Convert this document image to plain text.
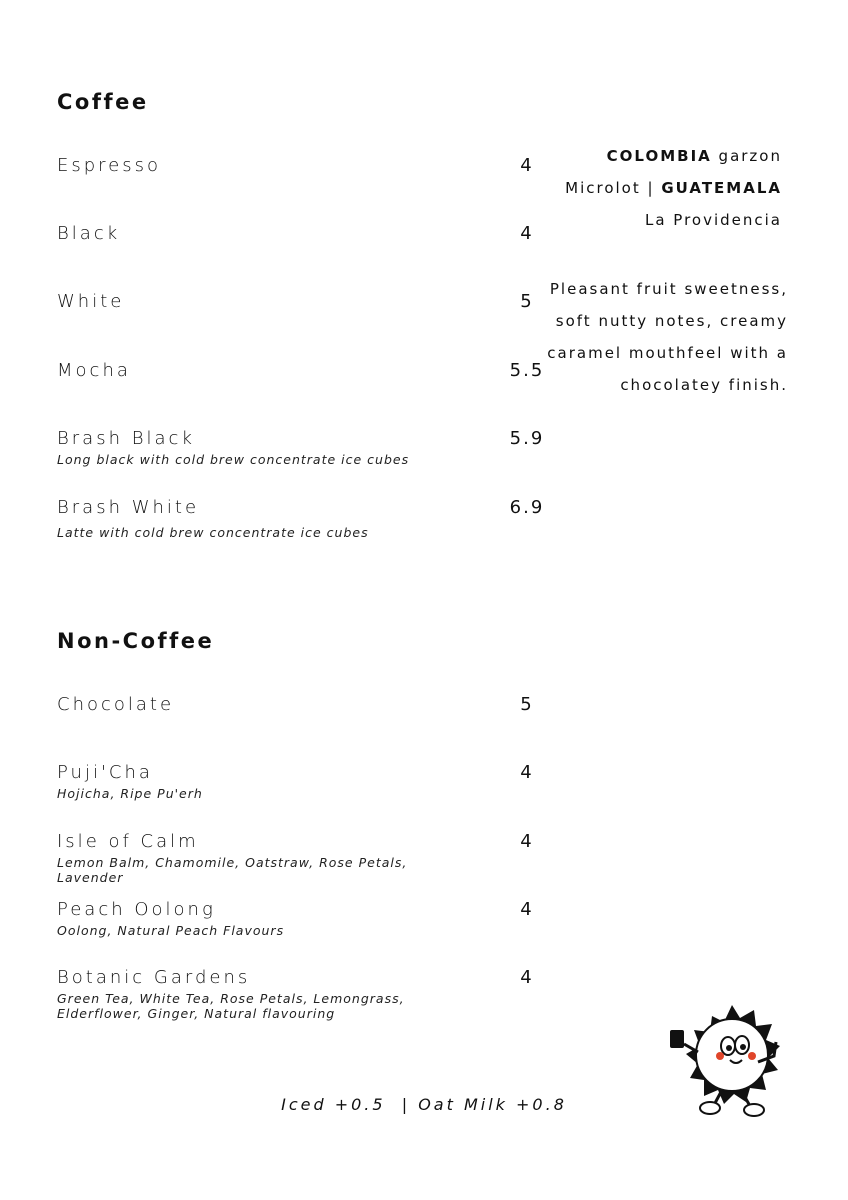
Coffee
Espresso	4
Black	4
White	5
Mocha	5.5
Brash Black	5.9
Long black with cold brew concentrate ice cubes
Brash White	6.9
Latte with cold brew concentrate ice cubes
COLOMBIA garzon
Microlot | GUATEMALA
La Providencia
Pleasant fruit sweetness,
soft nutty notes, creamy
caramel mouthfeel with a
chocolatey finish.
Non-Coffee
Chocolate	5
Puji'Cha	4
Hojicha, Ripe Pu'erh
Isle of Calm	4
Lemon Balm, Chamomile, Oatstraw, Rose Petals, Lavender
Peach Oolong	4
Oolong, Natural Peach Flavours
Botanic Gardens	4
Green Tea, White Tea, Rose Petals, Lemongrass, Elderflower, Ginger, Natural flavouring
Iced +0.5  | Oat Milk +0.8
